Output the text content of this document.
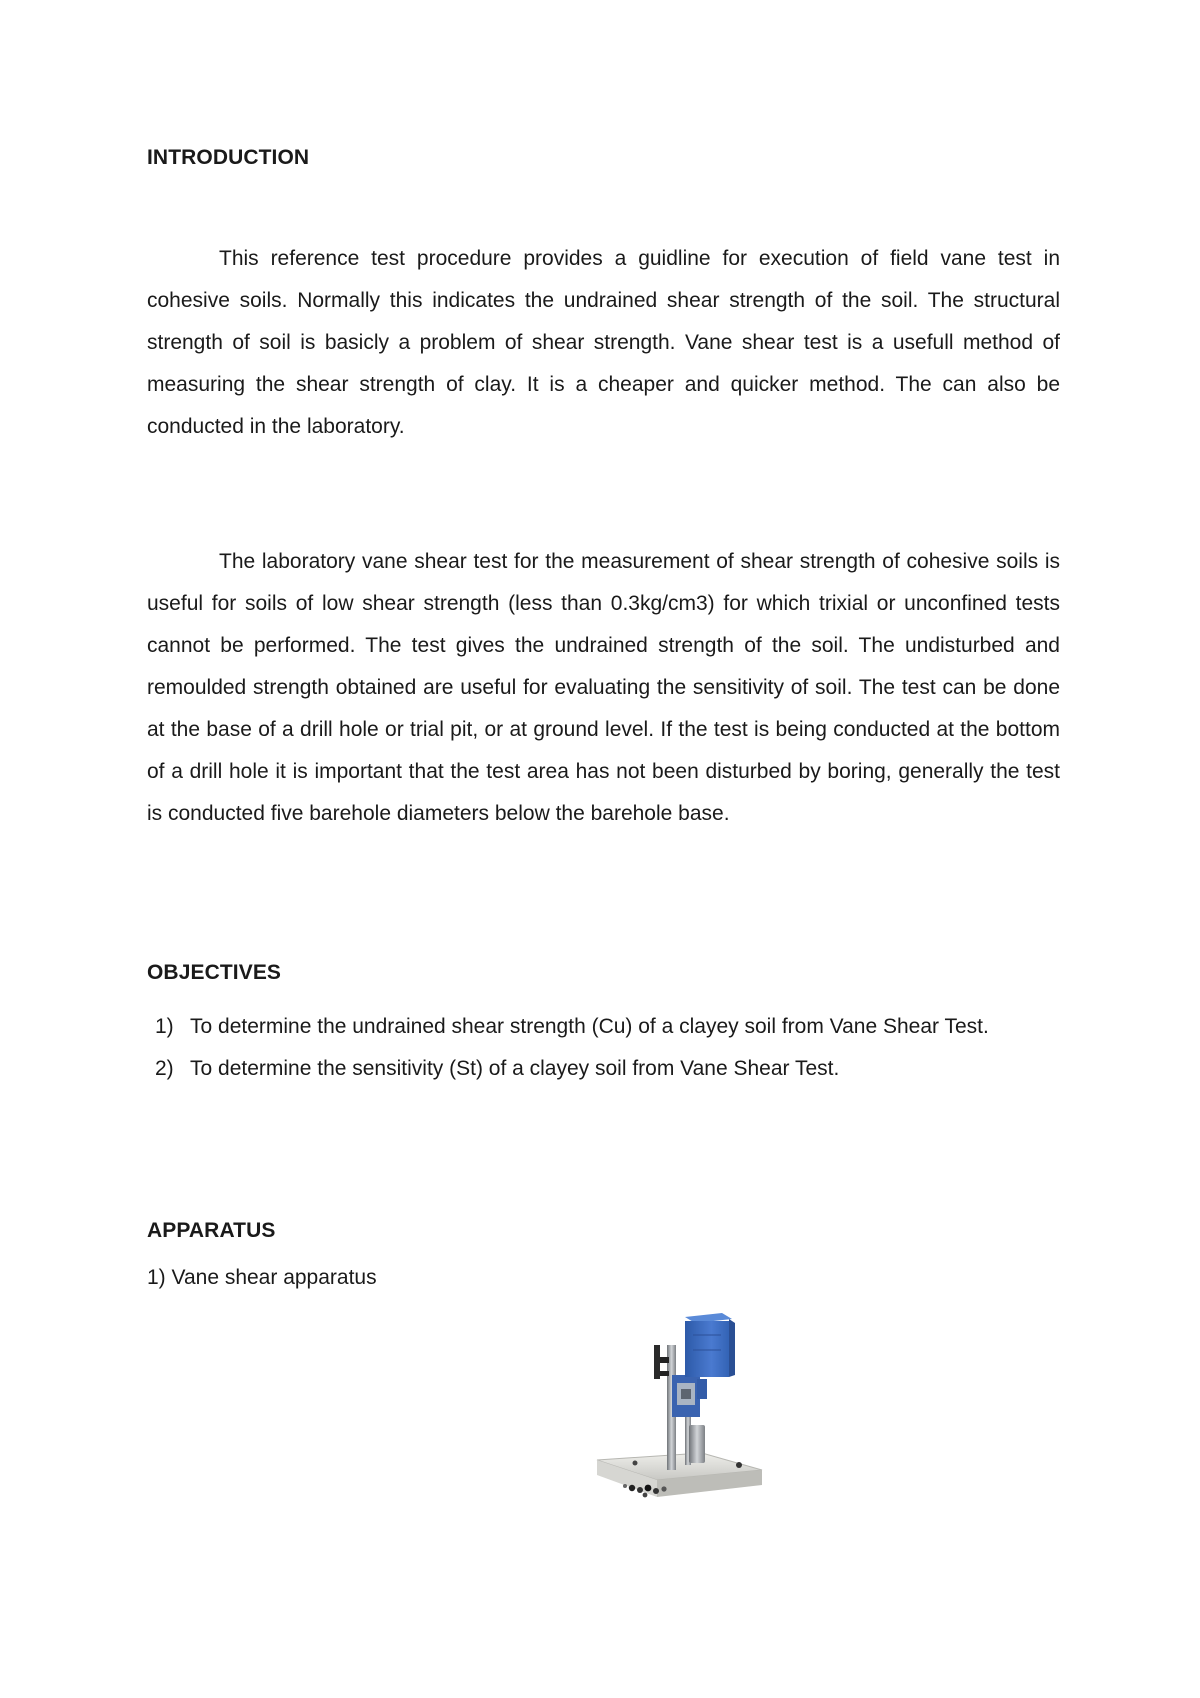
INTRODUCTION

This reference test procedure provides a guidline for execution of field vane test in cohesive soils. Normally this indicates the undrained shear strength of the soil. The structural strength of soil is basicly a problem of shear strength. Vane shear test is a usefull method of measuring the shear strength of clay. It is a cheaper and quicker method. The can also be conducted in the laboratory.

The laboratory vane shear test for the measurement of shear strength of cohesive soils is useful for soils of low shear strength (less than 0.3kg/cm3) for which trixial or unconfined tests cannot be performed. The test gives the undrained strength of the soil. The undisturbed and remoulded strength obtained are useful for evaluating the sensitivity of soil. The test can be done at the base of a drill hole or trial pit, or at ground level. If the test is being conducted at the bottom of a drill hole it is important that the test area has not been disturbed by boring, generally the test is conducted five barehole diameters below the barehole base.

OBJECTIVES
1) To determine the undrained shear strength (Cu) of a clayey soil from Vane Shear Test.
2) To determine the sensitivity (St) of a clayey soil from Vane Shear Test.
APPARATUS
1) Vane shear apparatus
